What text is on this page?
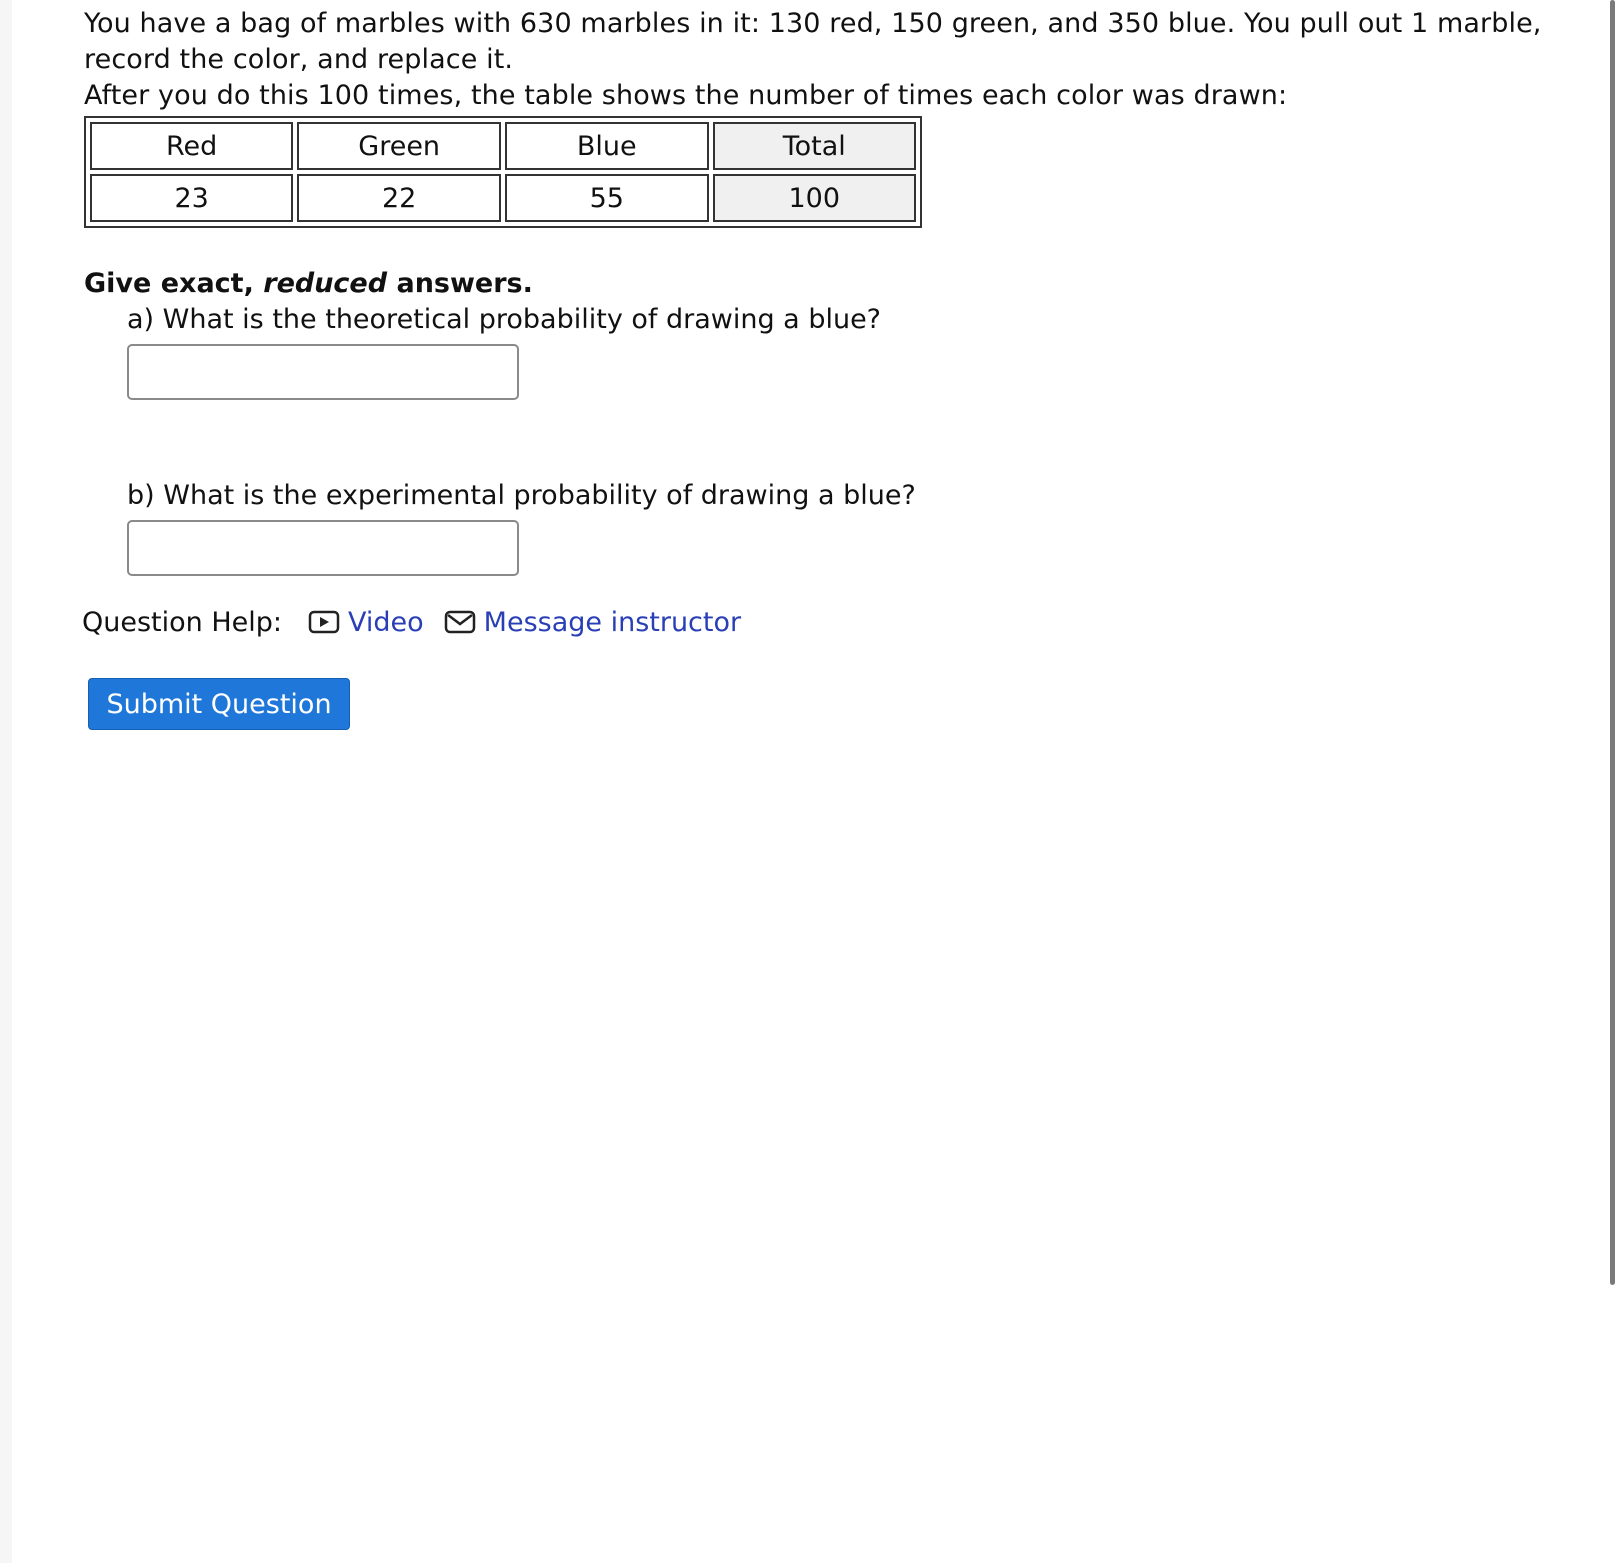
You have a bag of marbles with 630 marbles in it: 130 red, 150 green, and 350 blue. You pull out 1 marble,
record the color, and replace it.
After you do this 100 times, the table shows the number of times each color was drawn:

Red	Green	Blue	Total
23	22	55	100
Give exact, reduced answers.
a) What is the theoretical probability of drawing a blue?
b) What is the experimental probability of drawing a blue?
Question Help: Video Message instructor
Submit Question
